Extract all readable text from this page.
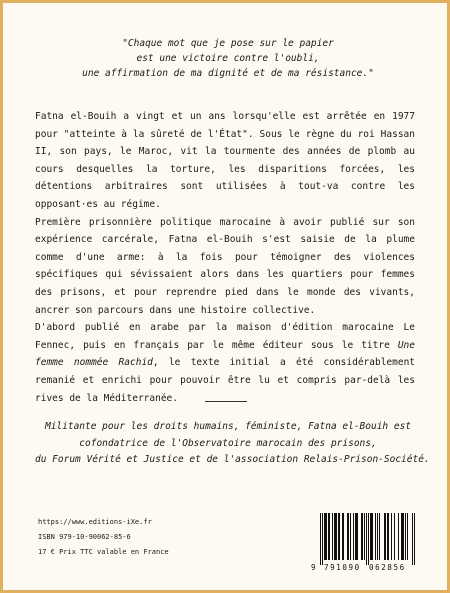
"Chaque mot que je pose sur le papier
est une victoire contre l'oubli,
une affirmation de ma dignité et de ma résistance."

Fatna el-Bouih a vingt et un ans lorsqu'elle est arrêtée en 1977 pour "atteinte à la sûreté de l'État". Sous le règne du roi Hassan II, son pays, le Maroc, vit la tourmente des années de plomb au cours desquelles la torture, les disparitions forcées, les détentions arbitraires sont utilisées à tout-va contre les opposant·es au régime.

Première prisonnière politique marocaine à avoir publié sur son expérience carcérale, Fatna el-Bouih s'est saisie de la plume comme d'une arme: à la fois pour témoigner des violences spécifiques qui sévissaient alors dans les quartiers pour femmes des prisons, et pour reprendre pied dans le monde des vivants, ancrer son parcours dans une histoire collective.

D'abord publié en arabe par la maison d'édition marocaine Le Fennec, puis en français par le même éditeur sous le titre Une femme nommée Rachid, le texte initial a été considérablement remanié et enrichi pour pouvoir être lu et compris par-delà les rives de la Méditerranée.

Militante pour les droits humains, féministe, Fatna el-Bouih est
cofondatrice de l'Observatoire marocain des prisons,
du Forum Vérité et Justice et de l'association Relais-Prison-Société.
https://www.editions-iXe.fr
ISBN 979-10-90062-85-6
17 € Prix TTC valable en France
9 791090 062856
